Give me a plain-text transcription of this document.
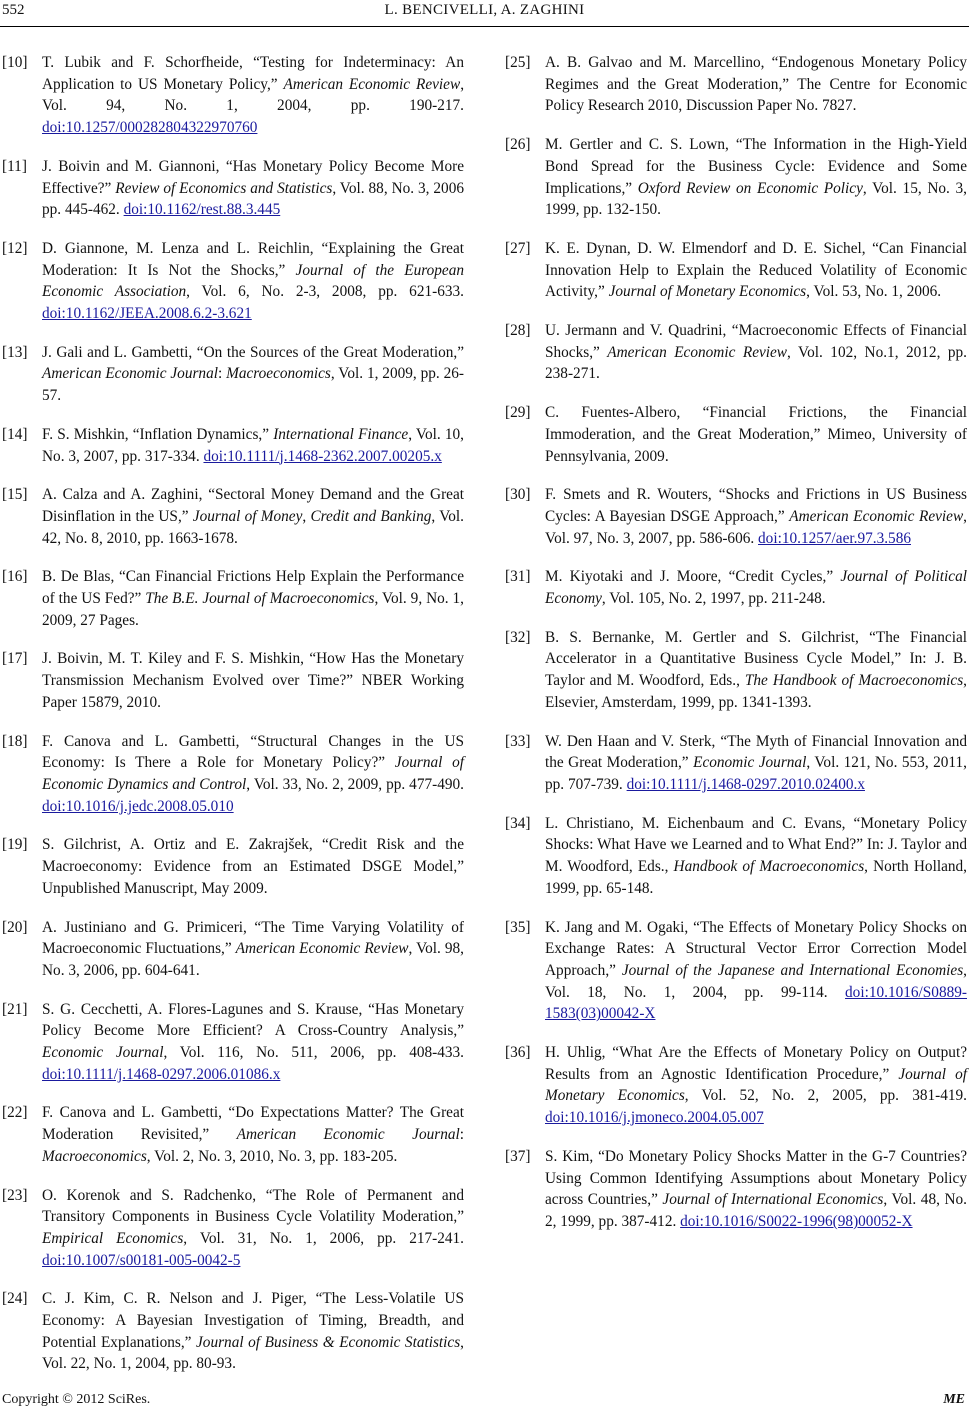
552	L. BENCIVELLI, A. ZAGHINI
[10] T. Lubik and F. Schorfheide, “Testing for Indeterminacy: An Application to US Monetary Policy,” American Economic Review, Vol. 94, No. 1, 2004, pp. 190-217. doi:10.1257/000282804322970760
[11] J. Boivin and M. Giannoni, “Has Monetary Policy Become More Effective?” Review of Economics and Statistics, Vol. 88, No. 3, 2006 pp. 445-462. doi:10.1162/rest.88.3.445
[12] D. Giannone, M. Lenza and L. Reichlin, “Explaining the Great Moderation: It Is Not the Shocks,” Journal of the European Economic Association, Vol. 6, No. 2-3, 2008, pp. 621-633. doi:10.1162/JEEA.2008.6.2-3.621
[13] J. Gali and L. Gambetti, “On the Sources of the Great Moderation,” American Economic Journal: Macroeconomics, Vol. 1, 2009, pp. 26-57.
[14] F. S. Mishkin, “Inflation Dynamics,” International Finance, Vol. 10, No. 3, 2007, pp. 317-334. doi:10.1111/j.1468-2362.2007.00205.x
[15] A. Calza and A. Zaghini, “Sectoral Money Demand and the Great Disinflation in the US,” Journal of Money, Credit and Banking, Vol. 42, No. 8, 2010, pp. 1663-1678.
[16] B. De Blas, “Can Financial Frictions Help Explain the Performance of the US Fed?” The B.E. Journal of Macroeconomics, Vol. 9, No. 1, 2009, 27 Pages.
[17] J. Boivin, M. T. Kiley and F. S. Mishkin, “How Has the Monetary Transmission Mechanism Evolved over Time?” NBER Working Paper 15879, 2010.
[18] F. Canova and L. Gambetti, “Structural Changes in the US Economy: Is There a Role for Monetary Policy?” Journal of Economic Dynamics and Control, Vol. 33, No. 2, 2009, pp. 477-490. doi:10.1016/j.jedc.2008.05.010
[19] S. Gilchrist, A. Ortiz and E. Zakrajšek, “Credit Risk and the Macroeconomy: Evidence from an Estimated DSGE Model,” Unpublished Manuscript, May 2009.
[20] A. Justiniano and G. Primiceri, “The Time Varying Volatility of Macroeconomic Fluctuations,” American Economic Review, Vol. 98, No. 3, 2006, pp. 604-641.
[21] S. G. Cecchetti, A. Flores-Lagunes and S. Krause, “Has Monetary Policy Become More Efficient? A Cross-Country Analysis,” Economic Journal, Vol. 116, No. 511, 2006, pp. 408-433. doi:10.1111/j.1468-0297.2006.01086.x
[22] F. Canova and L. Gambetti, “Do Expectations Matter? The Great Moderation Revisited,” American Economic Journal: Macroeconomics, Vol. 2, No. 3, 2010, No. 3, pp. 183-205.
[23] O. Korenok and S. Radchenko, “The Role of Permanent and Transitory Components in Business Cycle Volatility Moderation,” Empirical Economics, Vol. 31, No. 1, 2006, pp. 217-241. doi:10.1007/s00181-005-0042-5
[24] C. J. Kim, C. R. Nelson and J. Piger, “The Less-Volatile US Economy: A Bayesian Investigation of Timing, Breadth, and Potential Explanations,” Journal of Business & Economic Statistics, Vol. 22, No. 1, 2004, pp. 80-93.
[25] A. B. Galvao and M. Marcellino, “Endogenous Monetary Policy Regimes and the Great Moderation,” The Centre for Economic Policy Research 2010, Discussion Paper No. 7827.
[26] M. Gertler and C. S. Lown, “The Information in the High-Yield Bond Spread for the Business Cycle: Evidence and Some Implications,” Oxford Review on Economic Policy, Vol. 15, No. 3, 1999, pp. 132-150.
[27] K. E. Dynan, D. W. Elmendorf and D. E. Sichel, “Can Financial Innovation Help to Explain the Reduced Volatility of Economic Activity,” Journal of Monetary Economics, Vol. 53, No. 1, 2006.
[28] U. Jermann and V. Quadrini, “Macroeconomic Effects of Financial Shocks,” American Economic Review, Vol. 102, No.1, 2012, pp. 238-271.
[29] C. Fuentes-Albero, “Financial Frictions, the Financial Immoderation, and the Great Moderation,” Mimeo, University of Pennsylvania, 2009.
[30] F. Smets and R. Wouters, “Shocks and Frictions in US Business Cycles: A Bayesian DSGE Approach,” American Economic Review, Vol. 97, No. 3, 2007, pp. 586-606. doi:10.1257/aer.97.3.586
[31] M. Kiyotaki and J. Moore, “Credit Cycles,” Journal of Political Economy, Vol. 105, No. 2, 1997, pp. 211-248.
[32] B. S. Bernanke, M. Gertler and S. Gilchrist, “The Financial Accelerator in a Quantitative Business Cycle Model,” In: J. B. Taylor and M. Woodford, Eds., The Handbook of Macroeconomics, Elsevier, Amsterdam, 1999, pp. 1341-1393.
[33] W. Den Haan and V. Sterk, “The Myth of Financial Innovation and the Great Moderation,” Economic Journal, Vol. 121, No. 553, 2011, pp. 707-739. doi:10.1111/j.1468-0297.2010.02400.x
[34] L. Christiano, M. Eichenbaum and C. Evans, “Monetary Policy Shocks: What Have we Learned and to What End?” In: J. Taylor and M. Woodford, Eds., Handbook of Macroeconomics, North Holland, 1999, pp. 65-148.
[35] K. Jang and M. Ogaki, “The Effects of Monetary Policy Shocks on Exchange Rates: A Structural Vector Error Correction Model Approach,” Journal of the Japanese and International Economies, Vol. 18, No. 1, 2004, pp. 99-114. doi:10.1016/S0889-1583(03)00042-X
[36] H. Uhlig, “What Are the Effects of Monetary Policy on Output? Results from an Agnostic Identification Procedure,” Journal of Monetary Economics, Vol. 52, No. 2, 2005, pp. 381-419. doi:10.1016/j.jmoneco.2004.05.007
[37] S. Kim, “Do Monetary Policy Shocks Matter in the G-7 Countries? Using Common Identifying Assumptions about Monetary Policy across Countries,” Journal of International Economics, Vol. 48, No. 2, 1999, pp. 387-412. doi:10.1016/S0022-1996(98)00052-X
Copyright © 2012 SciRes.	ME
